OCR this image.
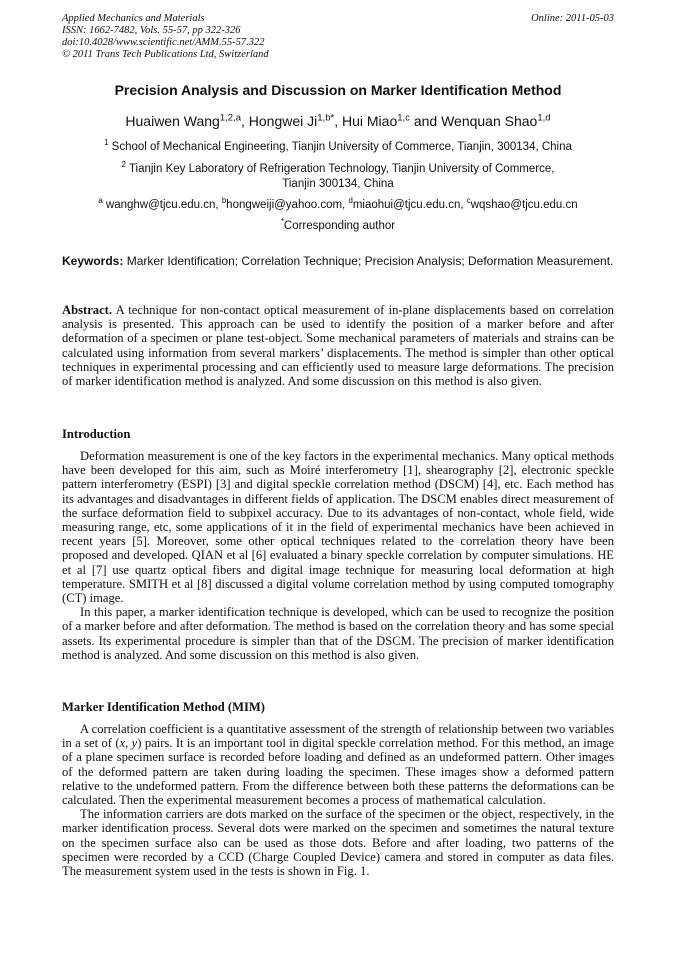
Applied Mechanics and Materials
ISSN: 1662-7482, Vols. 55-57, pp 322-326
doi:10.4028/www.scientific.net/AMM.55-57.322
© 2011 Trans Tech Publications Ltd, Switzerland
Online: 2011-05-03
Precision Analysis and Discussion on Marker Identification Method
Huaiwen Wang$^{1,2,a}$, Hongwei $Ji^{1,b*}$, Hui Miao$^{1,c}$ and Wenquan Shao$^{1,d}$
$^1$ School of Mechanical Engineering, Tianjin University of Commerce, Tianjin, 300134, China
$^2$ Tianjin Key Laboratory of Refrigeration Technology, Tianjin University of Commerce,
Tianjin 300134, China
$^a$ wanghw@tjcu.edu.cn, $^b$hongweiji@yahoo.com, $^d$miaohui@tjcu.edu.cn, $^c$wqshao@tjcu.edu.cn
*Corresponding author
Keywords: Marker Identification; Correlation Technique; Precision Analysis; Deformation Measurement.

Abstract. A technique for non-contact optical measurement of in-plane displacements based on correlation analysis is presented. This approach can be used to identify the position of a marker before and after deformation of a specimen or plane test-object. Some mechanical parameters of materials and strains can be calculated using information from several markers’ displacements. The method is simpler than other optical techniques in experimental processing and can efficiently used to measure large deformations. The precision of marker identification method is analyzed. And some discussion on this method is also given.

Introduction

Deformation measurement is one of the key factors in the experimental mechanics. Many optical methods have been developed for this aim, such as Moiré interferometry [1], shearography [2], electronic speckle pattern interferometry (ESPI) [3] and digital speckle correlation method (DSCM) [4], etc. Each method has its advantages and disadvantages in different fields of application. The DSCM enables direct measurement of the surface deformation field to subpixel accuracy. Due to its advantages of non-contact, whole field, wide measuring range, etc, some applications of it in the field of experimental mechanics have been achieved in recent years [5]. Moreover, some other optical techniques related to the correlation theory have been proposed and developed. QIAN et al [6] evaluated a binary speckle correlation by computer simulations. HE et al [7] use quartz optical fibers and digital image technique for measuring local deformation at high temperature. SMITH et al [8] discussed a digital volume correlation method by using computed tomography (CT) image.

In this paper, a marker identification technique is developed, which can be used to recognize the position of a marker before and after deformation. The method is based on the correlation theory and has some special assets. Its experimental procedure is simpler than that of the DSCM. The precision of marker identification method is analyzed. And some discussion on this method is also given.

Marker Identification Method (MIM)

A correlation coefficient is a quantitative assessment of the strength of relationship between two variables in a set of (x, y) pairs. It is an important tool in digital speckle correlation method. For this method, an image of a plane specimen surface is recorded before loading and defined as an undeformed pattern. Other images of the deformed pattern are taken during loading the specimen. These images show a deformed pattern relative to the undeformed pattern. From the difference between both these patterns the deformations can be calculated. Then the experimental measurement becomes a process of mathematical calculation.

The information carriers are dots marked on the surface of the specimen or the object, respectively, in the marker identification process. Several dots were marked on the specimen and sometimes the natural texture on the specimen surface also can be used as those dots. Before and after loading, two patterns of the specimen were recorded by a CCD (Charge Coupled Device) camera and stored in computer as data files. The measurement system used in the tests is shown in Fig. 1.
